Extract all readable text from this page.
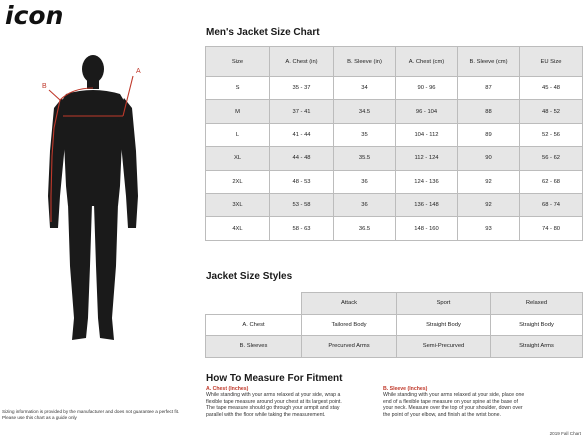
icon
A
B
Sizing information is provided by the manufacturer and does not guarantee a perfect fit.
Please use this chart as a guide only
Men's Jacket Size Chart
Size	A. Chest (in)	B. Sleeve (in)	A. Chest (cm)	B. Sleeve (cm)	EU Size
S	35 - 37	34	90 - 96	87	45 - 48
M	37 - 41	34.5	96 - 104	88	48 - 52
L	41 - 44	35	104 - 112	89	52 - 56
XL	44 - 48	35.5	112 - 124	90	56 - 62
2XL	48 - 53	36	124 - 136	92	62 - 68
3XL	53 - 58	36	136 - 148	92	68 - 74
4XL	58 - 63	36.5	148 - 160	93	74 - 80
Jacket Size Styles
	Attack	Sport	Relaxed
A. Chest	Tailored Body	Straight Body	Straight Body
B. Sleeves	Precurved Arms	Semi-Precurved	Straight Arms
How To Measure For Fitment
A. Chest (Inches)
While standing with your arms relaxed at your side, wrap a
flexible tape measure around your chest at its largest point.
The tape measure should go through your armpit and stay
parallel with the floor while taking the measurement.
B. Sleeve (Inches)
While standing with your arms relaxed at your side, place one
end of a flexible tape measure on your spine at the base of
your neck. Measure over the top of your shoulder, down over
the point of your elbow, and finish at the wrist bone.
2019 Fall Chart
